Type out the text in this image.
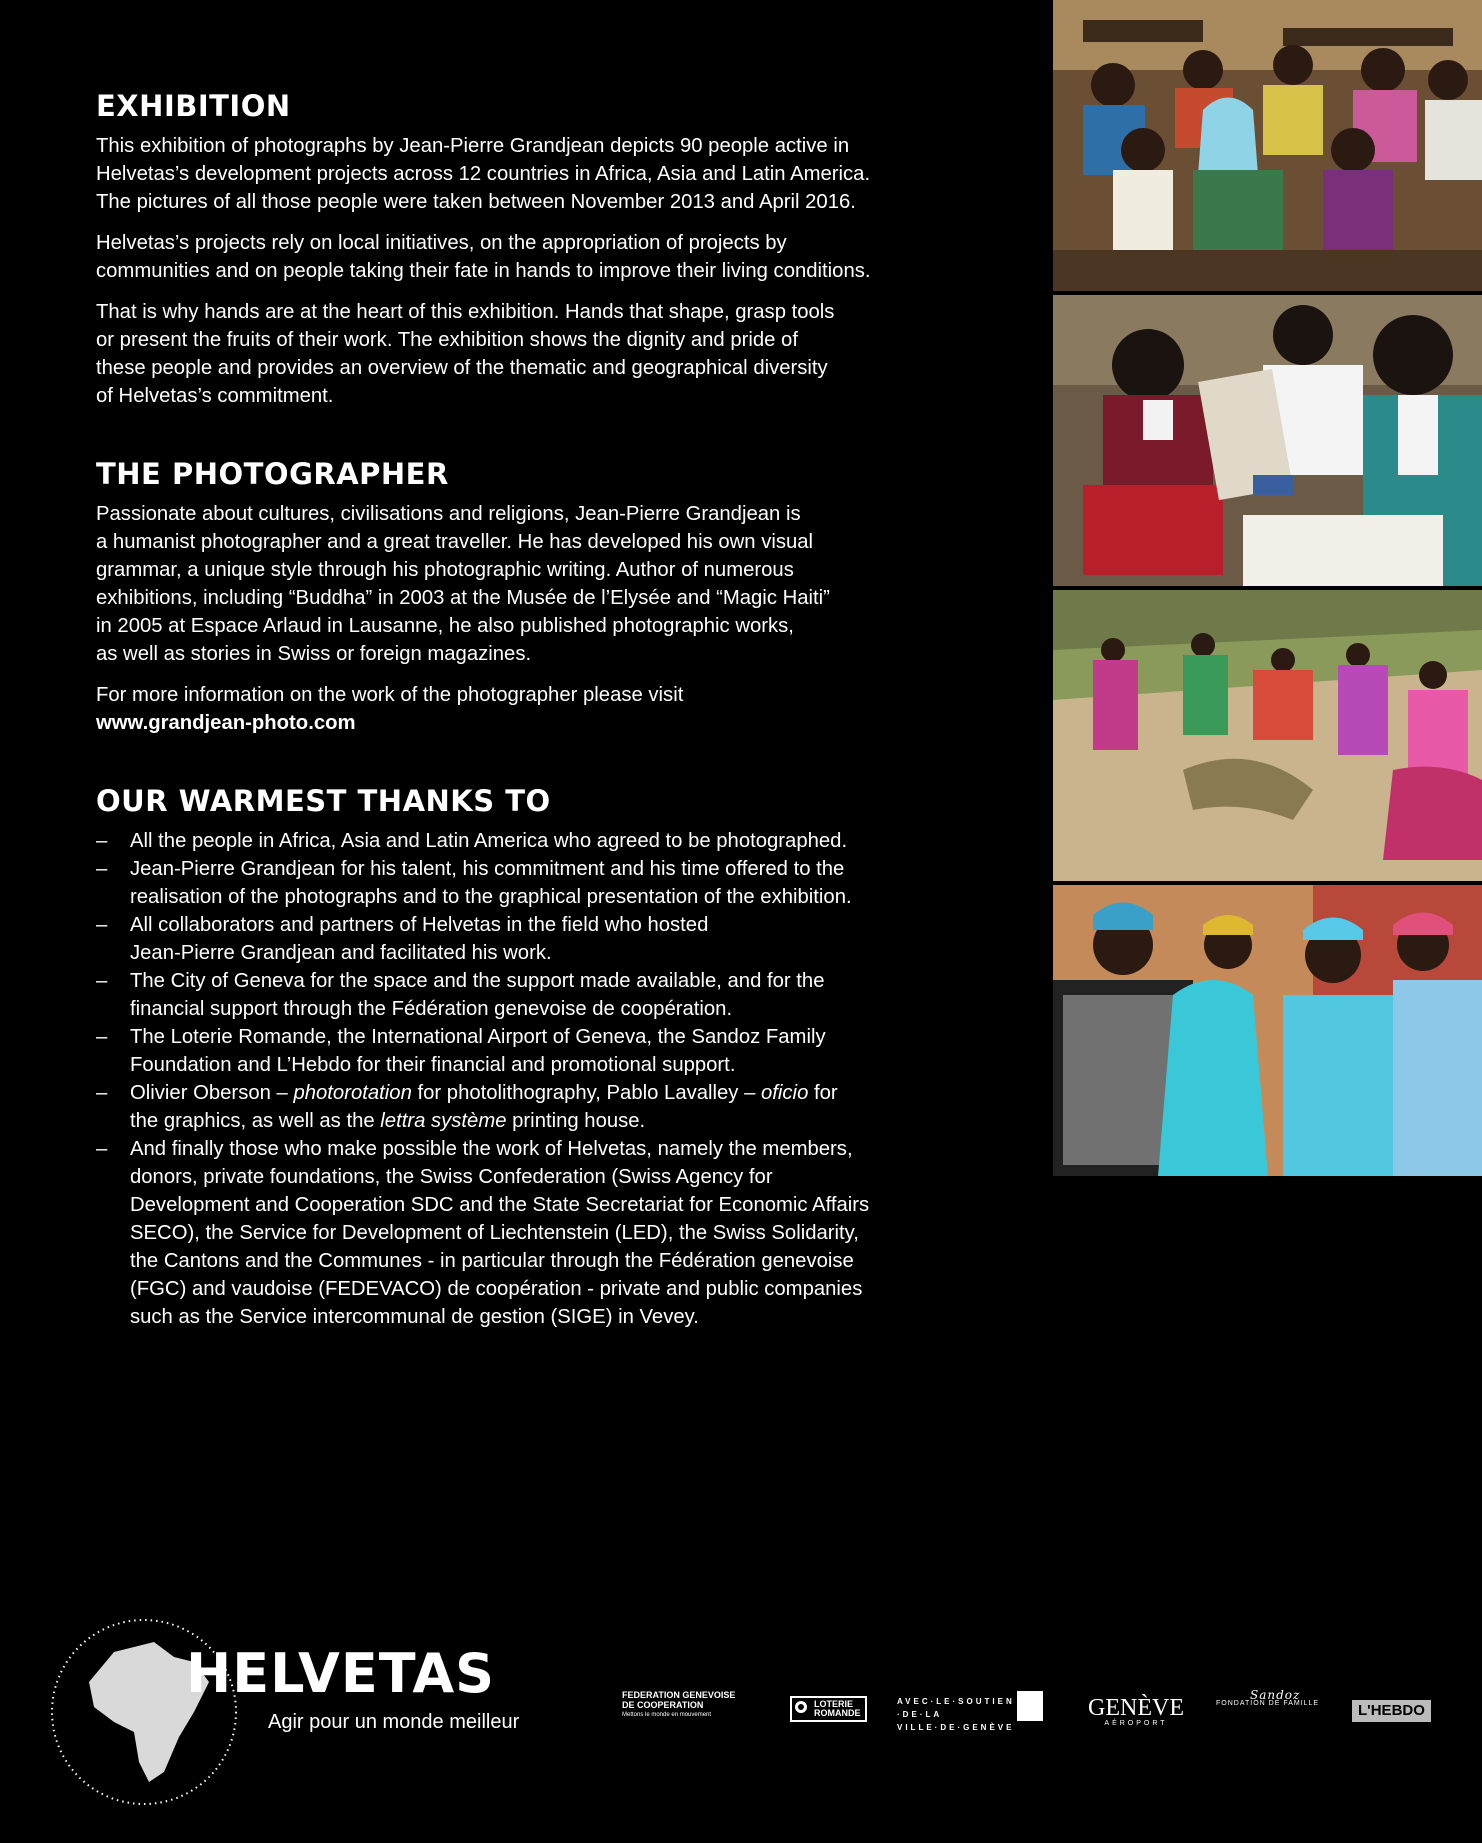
EXHIBITION

This exhibition of photographs by Jean-Pierre Grandjean depicts 90 people active in
Helvetas’s development projects across 12 countries in Africa, Asia and Latin America.
The pictures of all those people were taken between November 2013 and April 2016.

Helvetas’s projects rely on local initiatives, on the appropriation of projects by
communities and on people taking their fate in hands to improve their living conditions.

That is why hands are at the heart of this exhibition. Hands that shape, grasp tools
or present the fruits of their work. The exhibition shows the dignity and pride of
these people and provides an overview of the thematic and geographical diversity
of Helvetas’s commitment.

THE PHOTOGRAPHER

Passionate about cultures, civilisations and religions, Jean-Pierre Grandjean is
a humanist photographer and a great traveller. He has developed his own visual
grammar, a unique style through his photographic writing. Author of numerous
exhibitions, including “Buddha” in 2003 at the Musée de l’Elysée and “Magic Haiti”
in 2005 at Espace Arlaud in Lausanne, he also published photographic works,
as well as stories in Swiss or foreign magazines.

For more information on the work of the photographer please visit
www.grandjean-photo.com

OUR WARMEST THANKS TO
– All the people in Africa, Asia and Latin America who agreed to be photographed.
– Jean-Pierre Grandjean for his talent, his commitment and his time offered to the
realisation of the photographs and to the graphical presentation of the exhibition.
– All collaborators and partners of Helvetas in the field who hosted
Jean-Pierre Grandjean and facilitated his work.
– The City of Geneva for the space and the support made available, and for the
financial support through the Fédération genevoise de coopération.
– The Loterie Romande, the International Airport of Geneva, the Sandoz Family
Foundation and L’Hebdo for their financial and promotional support.
– Olivier Oberson – photorotation for photolithography, Pablo Lavalley – oficio for
the graphics, as well as the lettra système printing house.
– And finally those who make possible the work of Helvetas, namely the members,
donors, private foundations, the Swiss Confederation (Swiss Agency for
Development and Cooperation SDC and the State Secretariat for Economic Affairs
SECO), the Service for Development of Liechtenstein (LED), the Swiss Solidarity,
the Cantons and the Communes - in particular through the Fédération genevoise
(FGC) and vaudoise (FEDEVACO) de coopération - private and public companies
such as the Service intercommunal de gestion (SIGE) in Vevey.
HELVETAS
Agir pour un monde meilleur
FEDERATION GENEVOISE
DE COOPERATION
Mettons le monde en mouvement
LOTERIE
ROMANDE
AVEC·LE·SOUTIEN
·DE·LA
VILLE·DE·GENÈVE
GENÈVE
AÉROPORT
Sandoz
FONDATION DE FAMILLE	L'HEBDO
